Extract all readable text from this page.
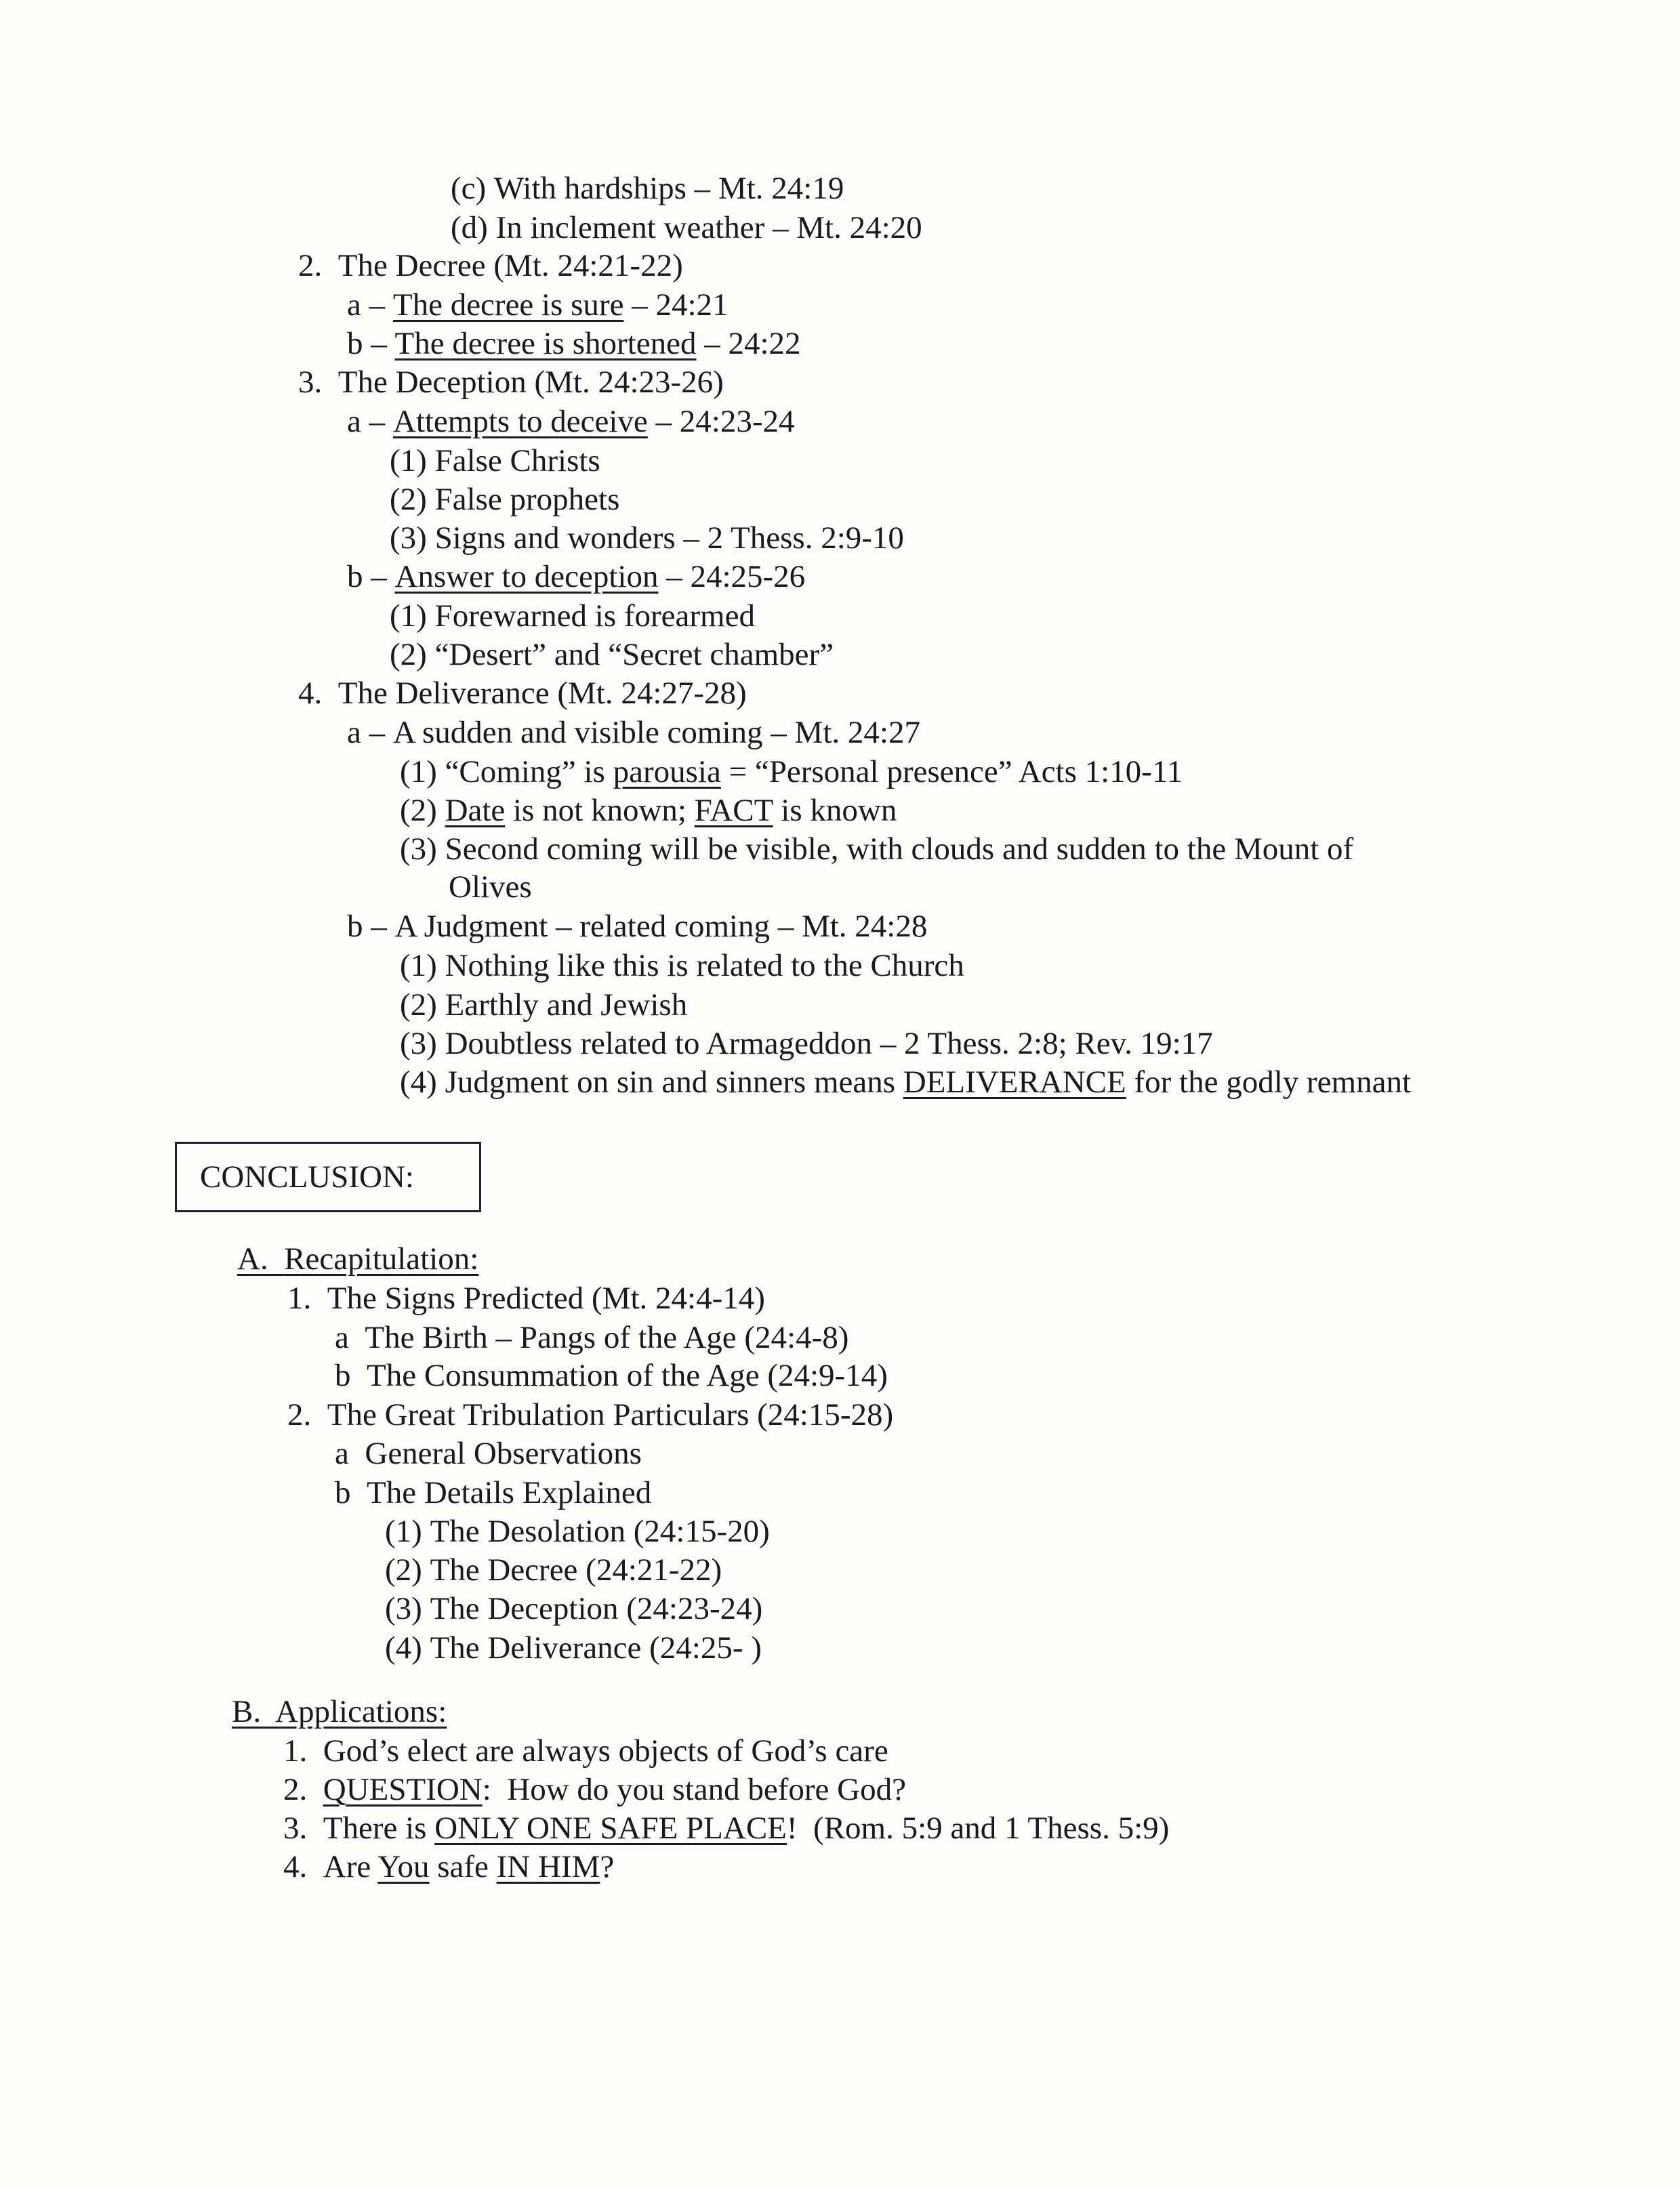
(c) With hardships – Mt. 24:19
(d) In inclement weather – Mt. 24:20
2.  The Decree (Mt. 24:21-22)
a – The decree is sure – 24:21
b – The decree is shortened – 24:22
3.  The Deception (Mt. 24:23-26)
a – Attempts to deceive – 24:23-24
(1) False Christs
(2) False prophets
(3) Signs and wonders – 2 Thess. 2:9-10
b – Answer to deception – 24:25-26
(1) Forewarned is forearmed
(2) “Desert” and “Secret chamber”
4.  The Deliverance (Mt. 24:27-28)
a – A sudden and visible coming – Mt. 24:27
(1) “Coming” is parousia = “Personal presence” Acts 1:10-11
(2) Date is not known; FACT is known
(3) Second coming will be visible, with clouds and sudden to the Mount of
Olives
b – A Judgment – related coming – Mt. 24:28
(1) Nothing like this is related to the Church
(2) Earthly and Jewish
(3) Doubtless related to Armageddon – 2 Thess. 2:8; Rev. 19:17
(4) Judgment on sin and sinners means DELIVERANCE for the godly remnant
CONCLUSION:
A.  Recapitulation:
1.  The Signs Predicted (Mt. 24:4-14)
a  The Birth – Pangs of the Age (24:4-8)
b  The Consummation of the Age (24:9-14)
2.  The Great Tribulation Particulars (24:15-28)
a  General Observations
b  The Details Explained
(1) The Desolation (24:15-20)
(2) The Decree (24:21-22)
(3) The Deception (24:23-24)
(4) The Deliverance (24:25- )
B.  Applications:
1.  God’s elect are always objects of God’s care
2.  QUESTION:  How do you stand before God?
3.  There is ONLY ONE SAFE PLACE!  (Rom. 5:9 and 1 Thess. 5:9)
4.  Are You safe IN HIM?
